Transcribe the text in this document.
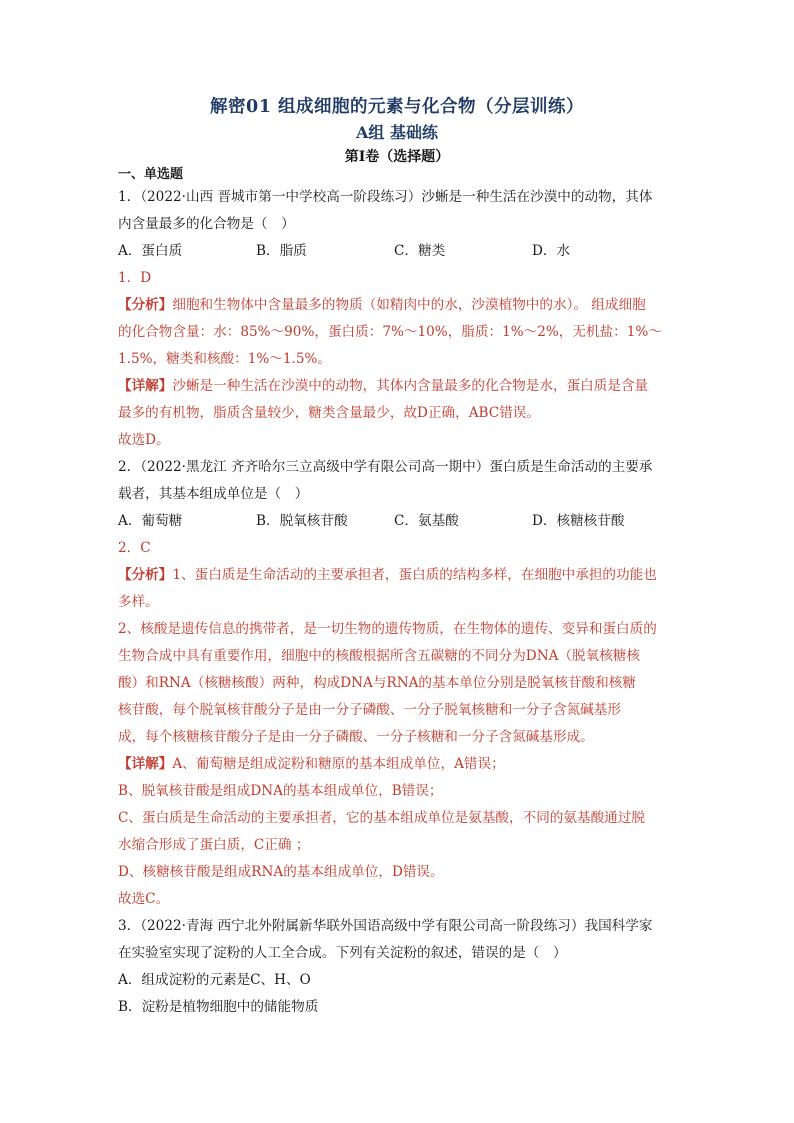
解密01 组成细胞的元素与化合物（分层训练）
A组 基础练
第Ⅰ卷（选择题）
一、单选题

1．（2022·山西 晋城市第一中学校高一阶段练习）沙蜥是一种生活在沙漠中的动物，其体

内含量最多的化合物是（　）

A．蛋白质	B．脂质	C．糖类	D．水

1．D

【分析】细胞和生物体中含量最多的物质（如精肉中的水，沙漠植物中的水）。 组成细胞

的化合物含量：水：85%～90%，蛋白质：7%～10%，脂质：1%～2%，无机盐：1%～

1.5%，糖类和核酸：1%～1.5%。

【详解】沙蜥是一种生活在沙漠中的动物，其体内含量最多的化合物是水，蛋白质是含量

最多的有机物，脂质含量较少，糖类含量最少，故D正确，ABC错误。

故选D。

2．（2022·黑龙江 齐齐哈尔三立高级中学有限公司高一期中）蛋白质是生命活动的主要承

载者，其基本组成单位是（　）

A．葡萄糖	B．脱氧核苷酸	C．氨基酸	D．核糖核苷酸

2．C

【分析】1、蛋白质是生命活动的主要承担者，蛋白质的结构多样，在细胞中承担的功能也

多样。

2、核酸是遗传信息的携带者，是一切生物的遗传物质，在生物体的遗传、变异和蛋白质的

生物合成中具有重要作用，细胞中的核酸根据所含五碳糖的不同分为DNA（脱氧核糖核

酸）和RNA（核糖核酸）两种，构成DNA与RNA的基本单位分别是脱氧核苷酸和核糖

核苷酸，每个脱氧核苷酸分子是由一分子磷酸、一分子脱氧核糖和一分子含氮碱基形

成，每个核糖核苷酸分子是由一分子磷酸、一分子核糖和一分子含氮碱基形成。

【详解】A、葡萄糖是组成淀粉和糖原的基本组成单位，A错误；

B、脱氧核苷酸是组成DNA的基本组成单位，B错误；

C、蛋白质是生命活动的主要承担者，它的基本组成单位是氨基酸，不同的氨基酸通过脱

水缩合形成了蛋白质，C正确 ；

D、核糖核苷酸是组成RNA的基本组成单位，D错误。

故选C。

3．（2022·青海 西宁北外附属新华联外国语高级中学有限公司高一阶段练习）我国科学家

在实验室实现了淀粉的人工全合成。下列有关淀粉的叙述，错误的是（　）

A．组成淀粉的元素是C、H、O

B．淀粉是植物细胞中的储能物质
